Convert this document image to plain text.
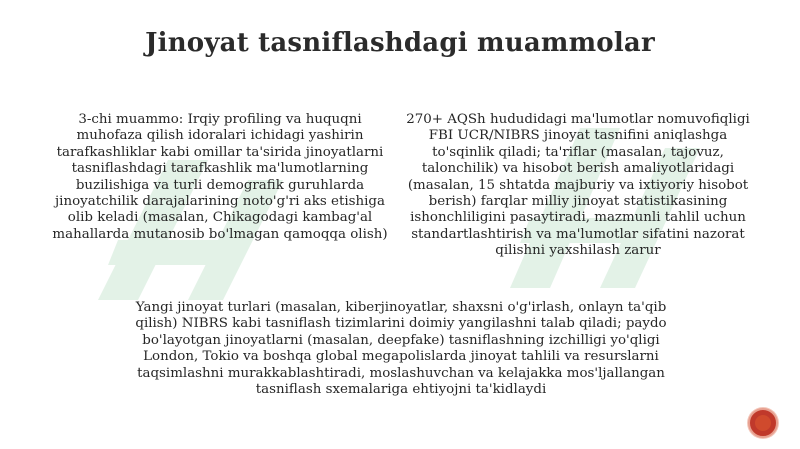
Jinoyat tasniflashdagi muammolar
3-chi muammo: Irqiy profiling va huquqni muhofaza qilish idoralari ichidagi yashirin tarafkashliklar kabi omillar ta'sirida jinoyatlarni tasniflashdagi tarafkashlik ma'lumotlarning buzilishiga va turli demografik guruhlarda jinoyatchilik darajalarining noto'g'ri aks etishiga olib keladi (masalan, Chikagodagi kambag'al mahallarda mutanosib bo'lmagan qamoqqa olish)
270+ AQSh hududidagi ma'lumotlar nomuvofiqligi FBI UCR/NIBRS jinoyat tasnifini aniqlashga to'sqinlik qiladi; ta'riflar (masalan, tajovuz, talonchilik) va hisobot berish amaliyotlaridagi (masalan, 15 shtatda majburiy va ixtiyoriy hisobot berish) farqlar milliy jinoyat statistikasining ishonchliligini pasaytiradi, mazmunli tahlil uchun standartlashtirish va ma'lumotlar sifatini nazorat qilishni yaxshilash zarur
Yangi jinoyat turlari (masalan, kiberjinoyatlar, shaxsni o'g'irlash, onlayn ta'qib qilish) NIBRS kabi tasniflash tizimlarini doimiy yangilashni talab qiladi; paydo bo'layotgan jinoyatlarni (masalan, deepfake) tasniflashning izchilligi yo'qligi London, Tokio va boshqa global megapolislarda jinoyat tahlili va resurslarni taqsimlashni murakkablashtiradi, moslashuvchan va kelajakka mos'ljallangan tasniflash sxemalariga ehtiyojni ta'kidlaydi
